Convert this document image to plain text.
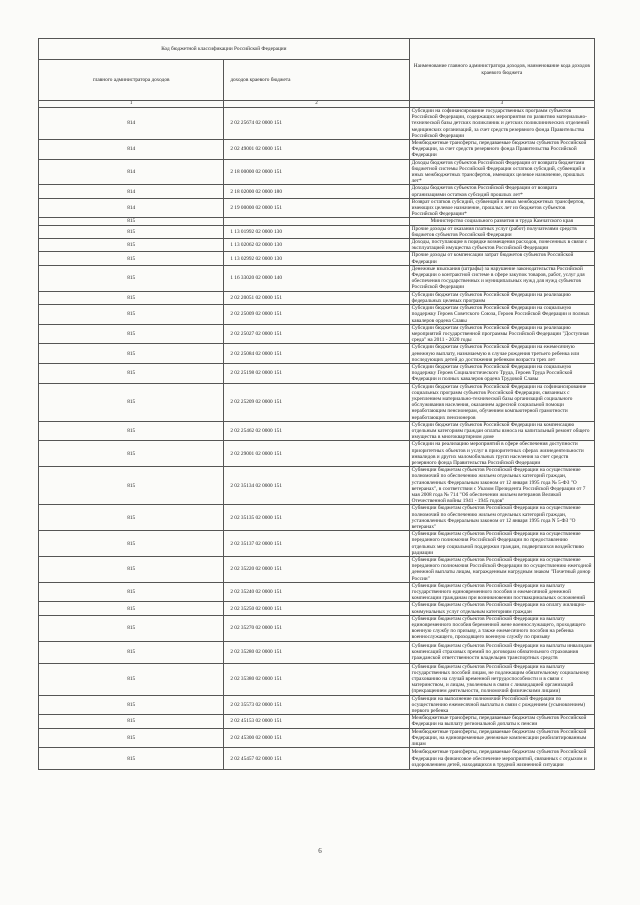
Код бюджетной классификации Российской Федерации		Наименование главного администратора доходов, наименование кода доходов краевого бюджета
главного администратора доходов	доходов краевого бюджета	
1	2	3
814	2 02 25674 02 0000 151	Субсидии на софинансирование государственных программ субъектов Российской Федерации, содержащих мероприятия по развитию материально-технической базы детских поликлиник и детских поликлинических отделений медицинских организаций, за счет средств резервного фонда Правительства Российской Федерации
814	2 02 49001 02 0000 151	Межбюджетные трансферты, передаваемые бюджетам субъектов Российской Федерации, за счет средств резервного фонда Правительства Российской Федерации
814	2 18 00000 02 0000 151	Доходы бюджетов субъектов Российской Федерации от возврата бюджетами бюджетной системы Российской Федерации остатков субсидий, субвенций и иных межбюджетных трансфертов, имеющих целевое назначение, прошлых лет*
814	2 18 02000 02 0000 180	Доходы бюджетов субъектов Российской Федерации от возврата организациями остатков субсидий прошлых лет*
814	2 19 00000 02 0000 151	Возврат остатков субсидий, субвенций и иных межбюджетных трансфертов, имеющих целевое назначение, прошлых лет из бюджетов субъектов Российской Федерации*
815		Министерство социального развития и труда Камчатского края
815	1 13 01992 02 0000 130	Прочие доходы от оказания платных услуг (работ) получателями средств бюджетов субъектов Российской Федерации
815	1 13 02062 02 0000 130	Доходы, поступающие в порядке возмещения расходов, понесенных в связи с эксплуатацией имущества субъектов Российской Федерации
815	1 13 02992 02 0000 130	Прочие доходы от компенсации затрат бюджетов субъектов Российской Федерации
815	1 16 33020 02 0000 140	Денежные взыскания (штрафы) за нарушение законодательства Российской Федерации о контрактной системе в сфере закупок товаров, работ, услуг для обеспечения государственных и муниципальных нужд для нужд субъектов Российской Федерации
815	2 02 20051 02 0000 151	Субсидии бюджетам субъектов Российской Федерации на реализацию федеральных целевых программ
815	2 02 25009 02 0000 151	Субсидии бюджетам субъектов Российской Федерации на социальную поддержку Героев Советского Союза, Героев Российской Федерации и полных кавалеров ордена Славы
815	2 02 25027 02 0000 151	Субсидии бюджетам субъектов Российской Федерации на реализацию мероприятий государственной программы Российской Федерации "Доступная среда" на 2011 - 2020 годы
815	2 02 25084 02 0000 151	Субсидии бюджетам субъектов Российской Федерации на ежемесячную денежную выплату, назначаемую в случае рождения третьего ребенка или последующих детей до достижения ребенком возраста трех лет
815	2 02 25198 02 0000 151	Субсидии бюджетам субъектов Российской Федерации на социальную поддержку Героев Социалистического Труда, Героев Труда Российской Федерации и полных кавалеров ордена Трудовой Славы
815	2 02 25209 02 0000 151	Субсидии бюджетам субъектов Российской Федерации на софинансирование социальных программ субъектов Российской Федерации, связанных с укреплением материально-технической базы организаций социального обслуживания населения, оказанием адресной социальной помощи неработающим пенсионерам, обучением компьютерной грамотности неработающих пенсионеров
815	2 02 25462 02 0000 151	Субсидии бюджетам субъектов Российской Федерации на компенсацию отдельным категориям граждан оплаты взноса на капитальный ремонт общего имущества в многоквартирном доме
815	2 02 29001 02 0000 151	Субсидии на реализацию мероприятий в сфере обеспечения доступности приоритетных объектов и услуг в приоритетных сферах жизнедеятельности инвалидов и других маломобильных групп населения за счет средств резервного фонда Правительства Российской Федерации
815	2 02 35134 02 0000 151	Субвенции бюджетам субъектов Российской Федерации на осуществление полномочий по обеспечению жильем отдельных категорий граждан, установленных Федеральным законом от 12 января 1995 года № 5-ФЗ "О ветеранах", в соответствии с Указом Президента Российской Федерации от 7 мая 2008 года № 714 "Об обеспечении жильем ветеранов Великой Отечественной войны 1941 - 1945 годов"
815	2 02 35135 02 0000 151	Субвенции бюджетам субъектов Российской Федерации на осуществление полномочий по обеспечению жильем отдельных категорий граждан, установленных Федеральным законом от 12 января 1995 года N 5-ФЗ "О ветеранах"
815	2 02 35137 02 0000 151	Субвенции бюджетам субъектов Российской Федерации на осуществление переданного полномочия Российской Федерации по предоставлению отдельных мер социальной поддержки граждан, подвергшихся воздействию радиации
815	2 02 35220 02 0000 151	Субвенции бюджетам субъектов Российской Федерации на осуществление переданного полномочия Российской Федерации по осуществлению ежегодной денежной выплаты лицам, награжденным нагрудным знаком "Почетный донор России"
815	2 02 35240 02 0000 151	Субвенции бюджетам субъектов Российской Федерации на выплату государственного единовременного пособия и ежемесячной денежной компенсации гражданам при возникновении поствакцинальных осложнений
815	2 02 35250 02 0000 151	Субвенции бюджетам субъектов Российской Федерации на оплату жилищно-коммунальных услуг отдельным категориям граждан
815	2 02 35270 02 0000 151	Субвенции бюджетам субъектов Российской Федерации на выплату единовременного пособия беременной жене военнослужащего, проходящего военную службу по призыву, а также ежемесячного пособия на ребенка военнослужащего, проходящего военную службу по призыву
815	2 02 35280 02 0000 151	Субвенции бюджетам субъектов Российской Федерации на выплаты инвалидам компенсаций страховых премий по договорам обязательного страхования гражданской ответственности владельцев транспортных средств
815	2 02 35380 02 0000 151	Субвенции бюджетам субъектов Российской Федерации на выплату государственных пособий лицам, не подлежащим обязательному социальному страхованию на случай временной нетрудоспособности и в связи с материнством, и лицам, уволенным в связи с ликвидацией организаций (прекращением деятельности, полномочий физическими лицами)
815	2 02 35573 02 0000 151	Субвенции на выполнение полномочий Российской Федерации по осуществлению ежемесячной выплаты в связи с рождением (усыновлением) первого ребенка
815	2 02 45153 02 0000 151	Межбюджетные трансферты, передаваемые бюджетам субъектов Российской Федерации на выплату региональной доплаты к пенсии
815	2 02 45300 02 0000 151	Межбюджетные трансферты, передаваемые бюджетам субъектов Российской Федерации, на единовременные денежные компенсации реабилитированным лицам
815	2 02 45457 02 0000 151	Межбюджетные трансферты, передаваемые бюджетам субъектов Российской Федерации на финансовое обеспечение мероприятий, связанных с отдыхом и оздоровлением детей, находящихся в трудной жизненной ситуации
6
